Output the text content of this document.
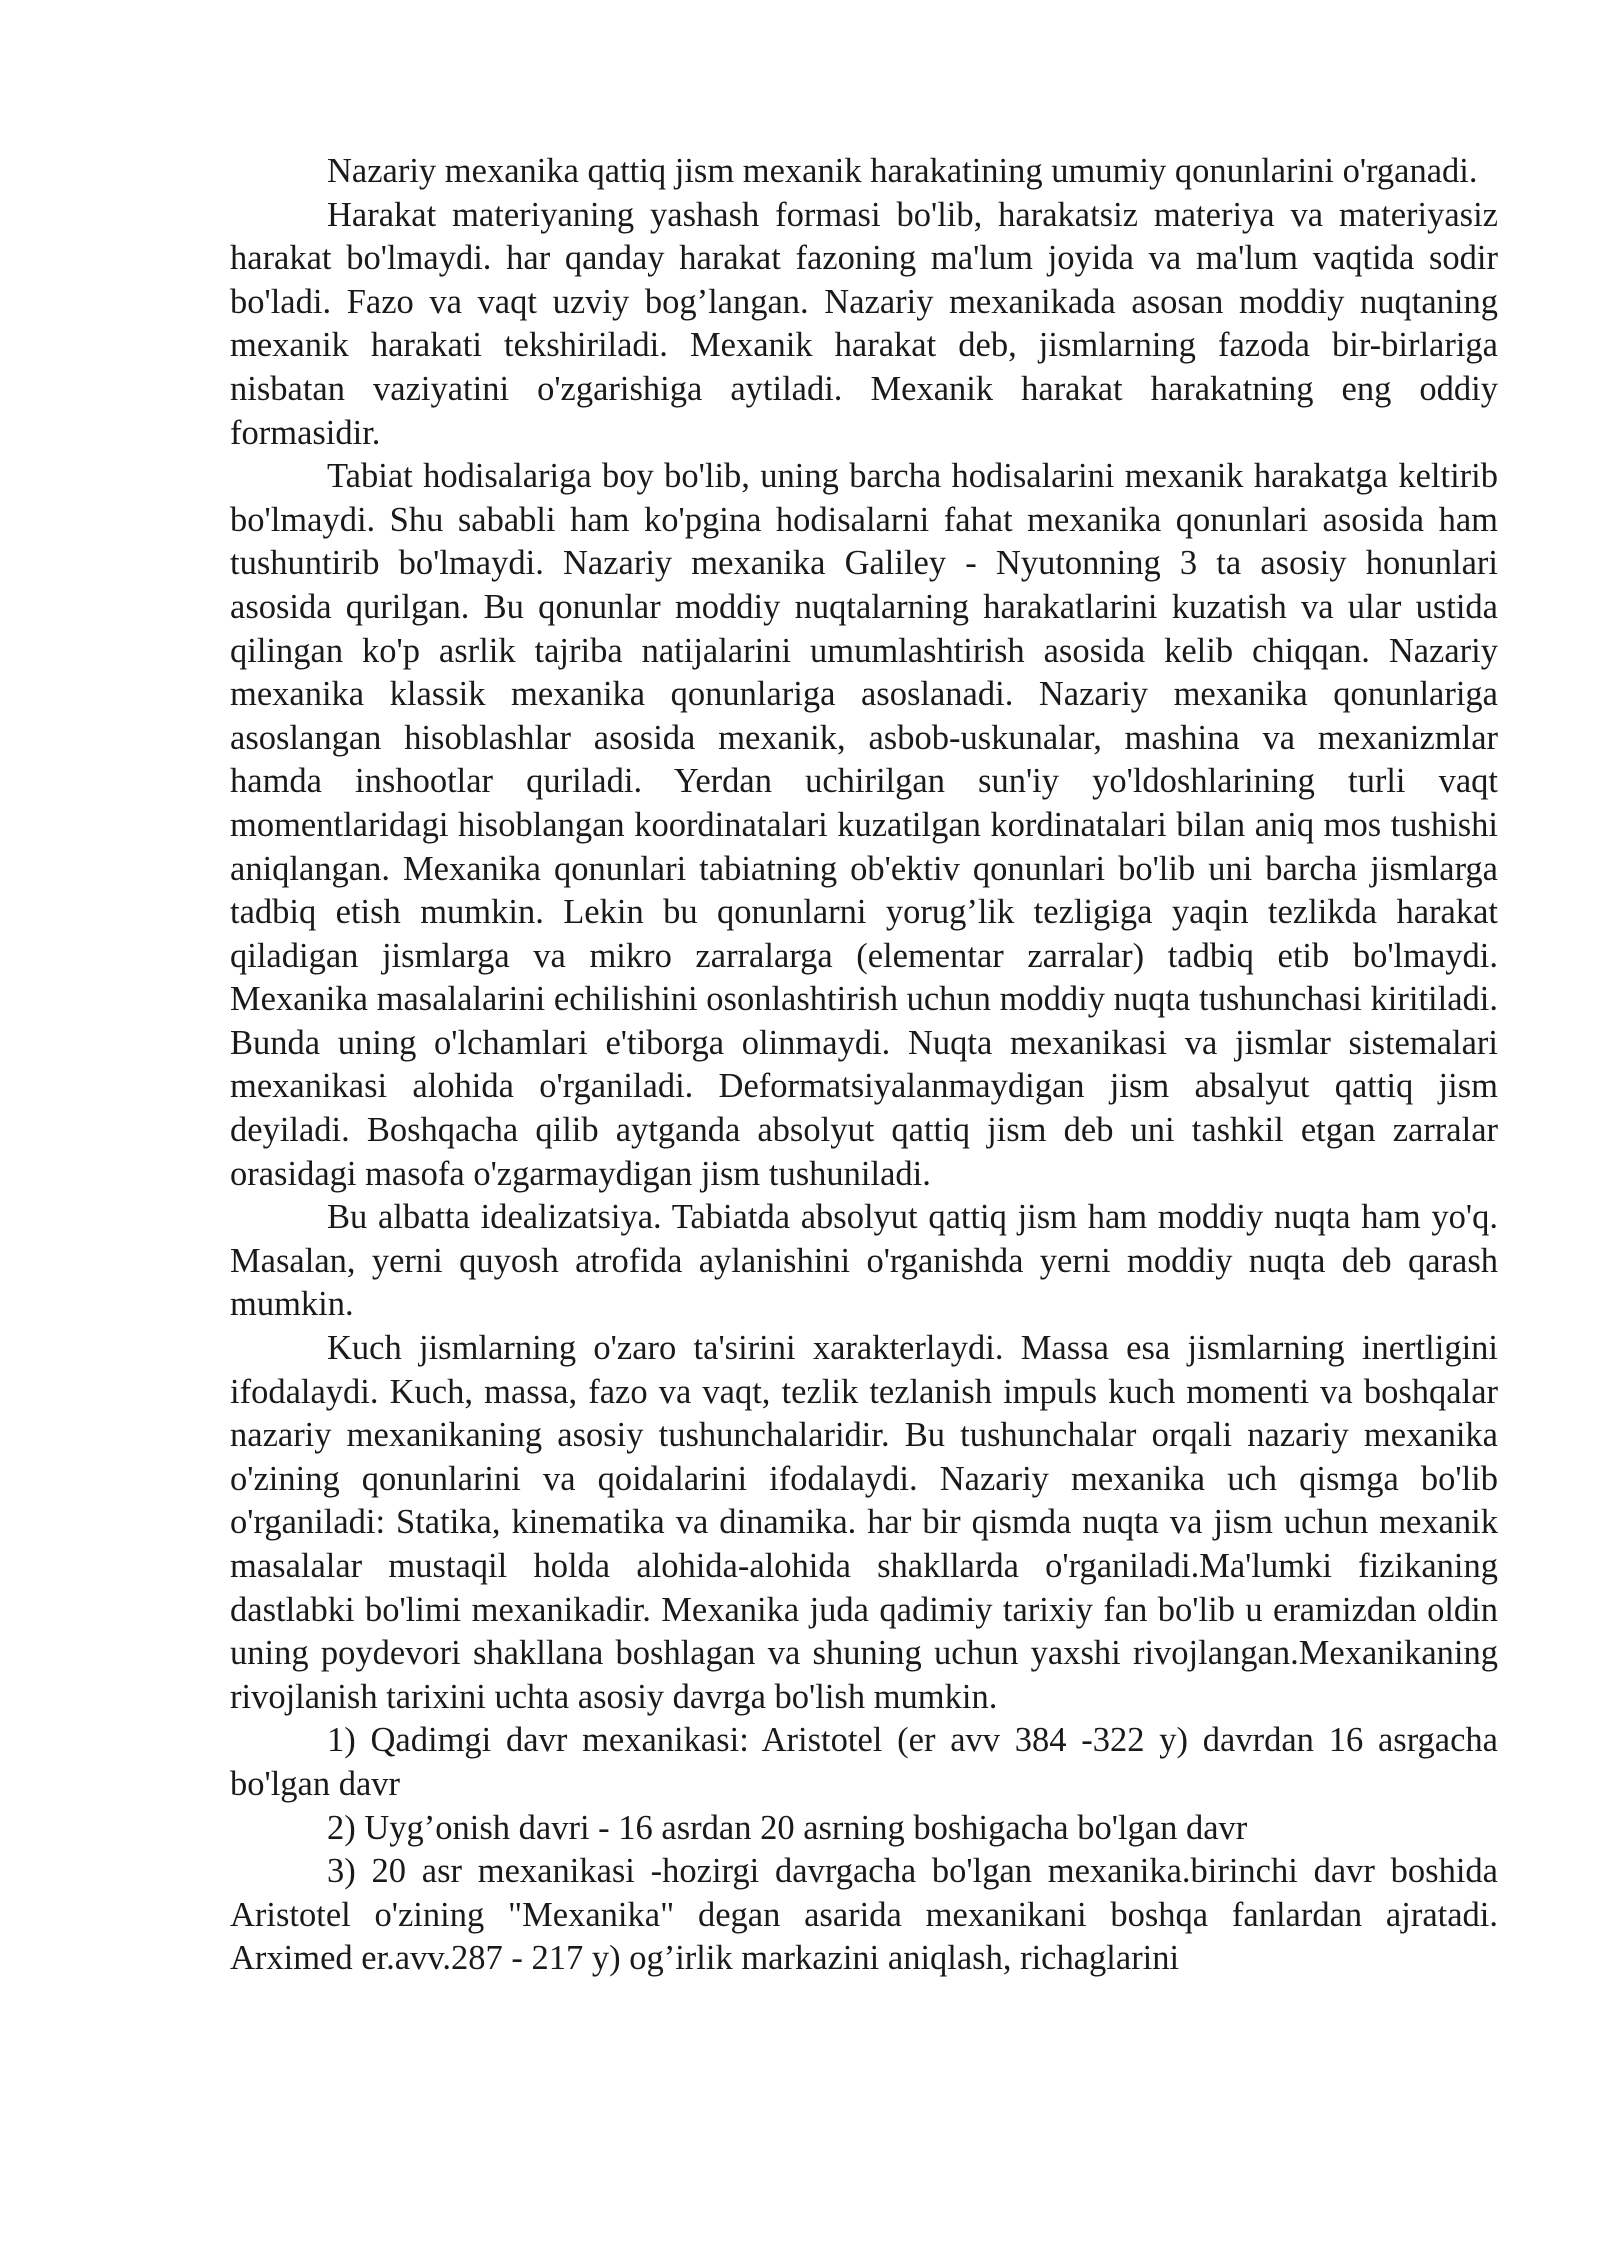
Nazariy mexanika qattiq jism mexanik harakatining umumiy qonunlarini o'rganadi.

Harakat materiyaning yashash formasi bo'lib, harakatsiz materiya va materiyasiz harakat bo'lmaydi. har qanday harakat fazoning ma'lum joyida va ma'lum vaqtida sodir bo'ladi. Fazo va vaqt uzviy bog’langan. Nazariy mexanikada asosan moddiy nuqtaning mexanik harakati tekshiriladi. Mexanik harakat deb, jismlarning fazoda bir-birlariga nisbatan vaziyatini o'zgarishiga aytiladi. Mexanik harakat harakatning eng oddiy formasidir.

Tabiat hodisalariga boy bo'lib, uning barcha hodisalarini mexanik harakatga keltirib bo'lmaydi. Shu sababli ham ko'pgina hodisalarni fahat mexanika qonunlari asosida ham tushuntirib bo'lmaydi. Nazariy mexanika Galiley - Nyutonning 3 ta asosiy honunlari asosida qurilgan. Bu qonunlar moddiy nuqtalarning harakatlarini kuzatish va ular ustida qilingan ko'p asrlik tajriba natijalarini umumlashtirish asosida kelib chiqqan. Nazariy mexanika klassik mexanika qonunlariga asoslanadi. Nazariy mexanika qonunlariga asoslangan hisoblashlar asosida mexanik, asbob-uskunalar, mashina va mexanizmlar hamda inshootlar quriladi. Yerdan uchirilgan sun'iy yo'ldoshlarining turli vaqt momentlaridagi hisoblangan koordinatalari kuzatilgan kordinatalari bilan aniq mos tushishi aniqlangan. Mexanika qonunlari tabiatning ob'ektiv qonunlari bo'lib uni barcha jismlarga tadbiq etish mumkin. Lekin bu qonunlarni yorug’lik tezligiga yaqin tezlikda harakat qiladigan jismlarga va mikro zarralarga (elementar zarralar) tadbiq etib bo'lmaydi. Mexanika masalalarini echilishini osonlashtirish uchun moddiy nuqta tushunchasi kiritiladi. Bunda uning o'lchamlari e'tiborga olinmaydi. Nuqta mexanikasi va jismlar sistemalari mexanikasi alohida o'rganiladi. Deformatsiyalanmaydigan jism absalyut qattiq jism deyiladi. Boshqacha qilib aytganda absolyut qattiq jism deb uni tashkil etgan zarralar orasidagi masofa o'zgarmaydigan jism tushuniladi.

Bu albatta idealizatsiya. Tabiatda absolyut qattiq jism ham moddiy nuqta ham yo'q. Masalan, yerni quyosh atrofida aylanishini o'rganishda yerni moddiy nuqta deb qarash mumkin.

Kuch jismlarning o'zaro ta'sirini xarakterlaydi. Massa esa jismlarning inertligini ifodalaydi. Kuch, massa, fazo va vaqt, tezlik tezlanish impuls kuch momenti va boshqalar nazariy mexanikaning asosiy tushunchalaridir. Bu tushunchalar orqali nazariy mexanika o'zining qonunlarini va qoidalarini ifodalaydi. Nazariy mexanika uch qismga bo'lib o'rganiladi: Statika, kinematika va dinamika. har bir qismda nuqta va jism uchun mexanik masalalar mustaqil holda alohida-alohida shakllarda o'rganiladi.Ma'lumki fizikaning dastlabki bo'limi mexanikadir. Mexanika juda qadimiy tarixiy fan bo'lib u eramizdan oldin uning poydevori shakllana boshlagan va shuning uchun yaxshi rivojlangan.Mexanikaning rivojlanish tarixini uchta asosiy davrga bo'lish mumkin.

1) Qadimgi davr mexanikasi: Aristotel (er avv 384 -322 y) davrdan 16 asrgacha bo'lgan davr

2) Uyg’onish davri - 16 asrdan 20 asrning boshigacha bo'lgan davr

3) 20 asr mexanikasi -hozirgi davrgacha bo'lgan mexanika.birinchi davr boshida Aristotel o'zining "Mexanika" degan asarida mexanikani boshqa fanlardan ajratadi. Arximed er.avv.287 - 217 y) og’irlik markazini aniqlash, richaglarini
